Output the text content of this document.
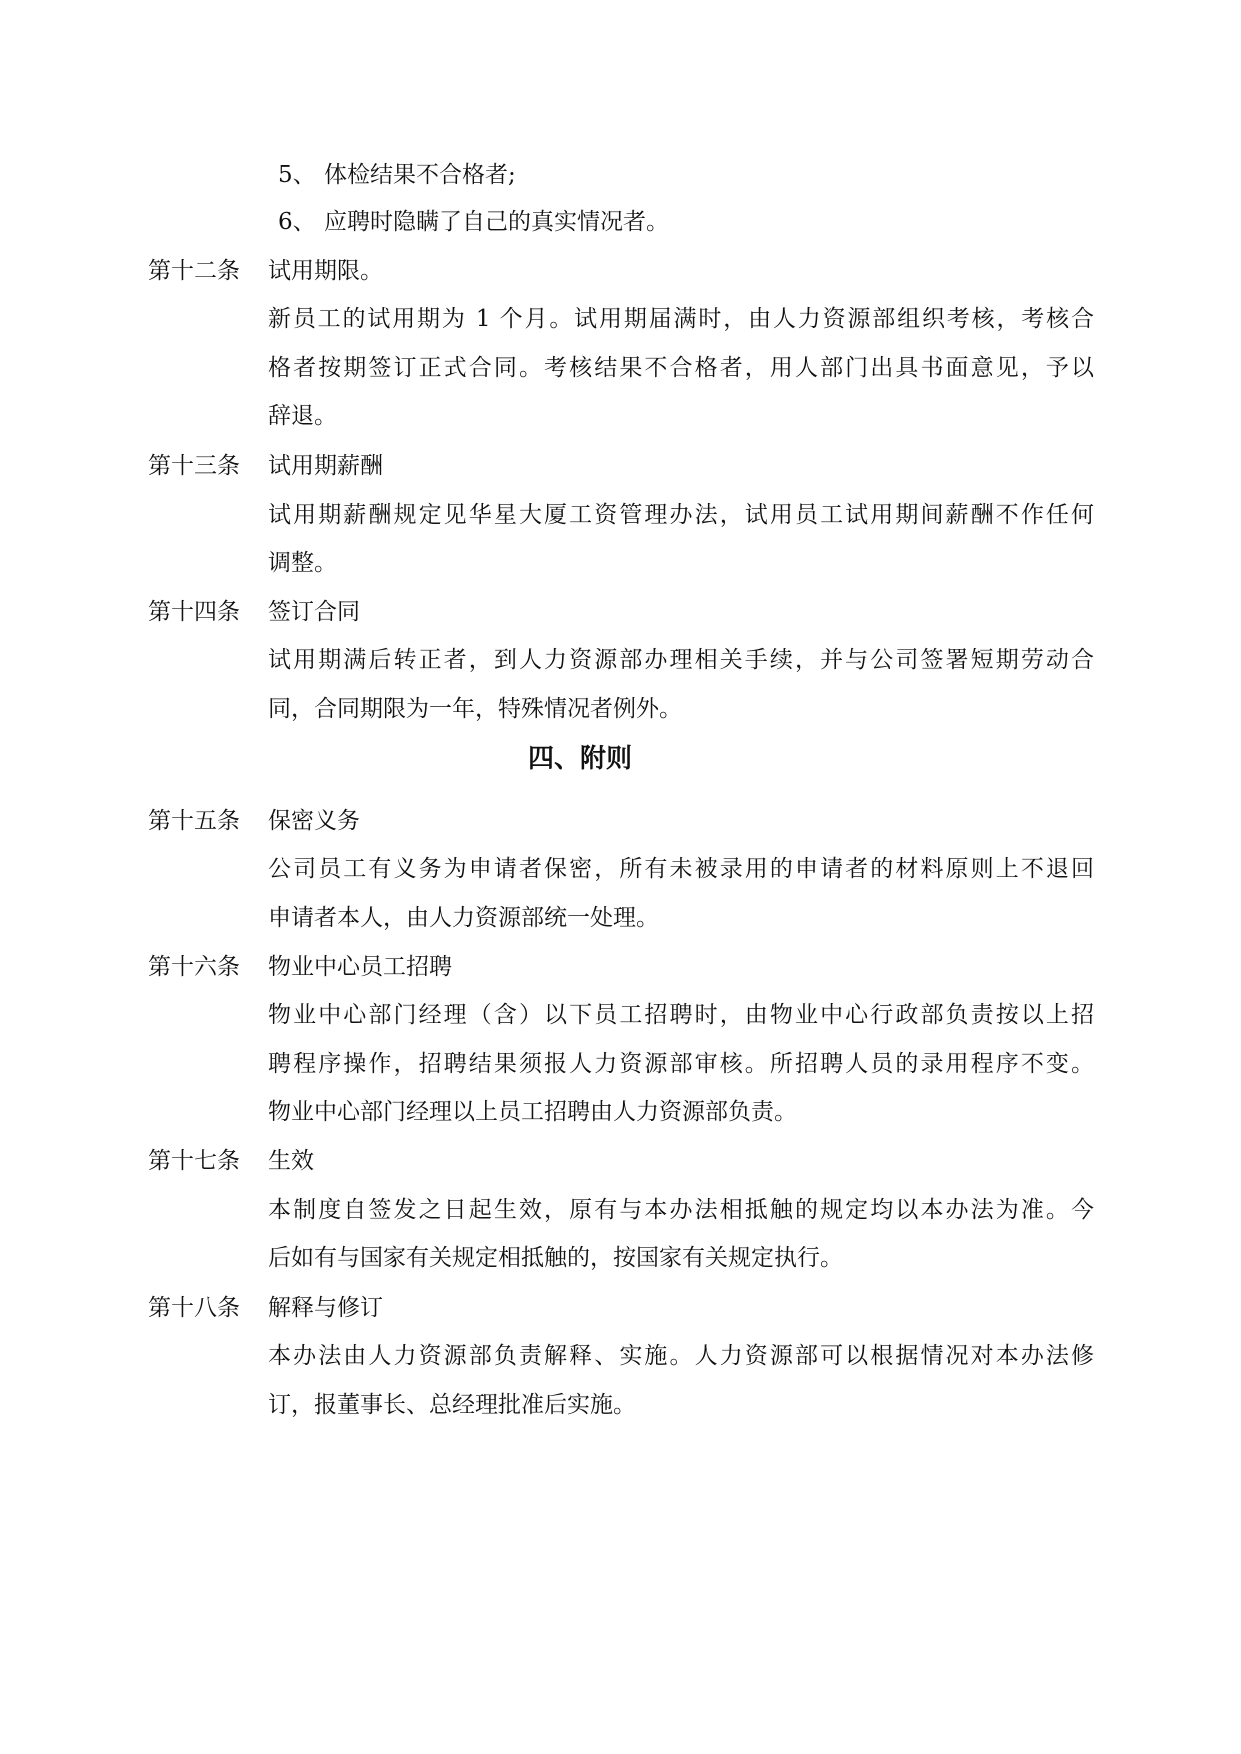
5、 体检结果不合格者;
6、 应聘时隐瞒了自己的真实情况者。
第十二条 试用期限。
新员工的试用期为 1 个月。试用期届满时，由人力资源部组织考核，考核合
格者按期签订正式合同。考核结果不合格者，用人部门出具书面意见，予以
辞退。
第十三条 试用期薪酬
试用期薪酬规定见华星大厦工资管理办法，试用员工试用期间薪酬不作任何
调整。
第十四条 签订合同
试用期满后转正者，到人力资源部办理相关手续，并与公司签署短期劳动合
同，合同期限为一年，特殊情况者例外。
四、附则
第十五条 保密义务
公司员工有义务为申请者保密，所有未被录用的申请者的材料原则上不退回
申请者本人，由人力资源部统一处理。
第十六条 物业中心员工招聘
物业中心部门经理（含）以下员工招聘时，由物业中心行政部负责按以上招
聘程序操作，招聘结果须报人力资源部审核。所招聘人员的录用程序不变。
物业中心部门经理以上员工招聘由人力资源部负责。
第十七条 生效
本制度自签发之日起生效，原有与本办法相抵触的规定均以本办法为准。今
后如有与国家有关规定相抵触的，按国家有关规定执行。
第十八条 解释与修订
本办法由人力资源部负责解释、实施。人力资源部可以根据情况对本办法修
订，报董事长、总经理批准后实施。
